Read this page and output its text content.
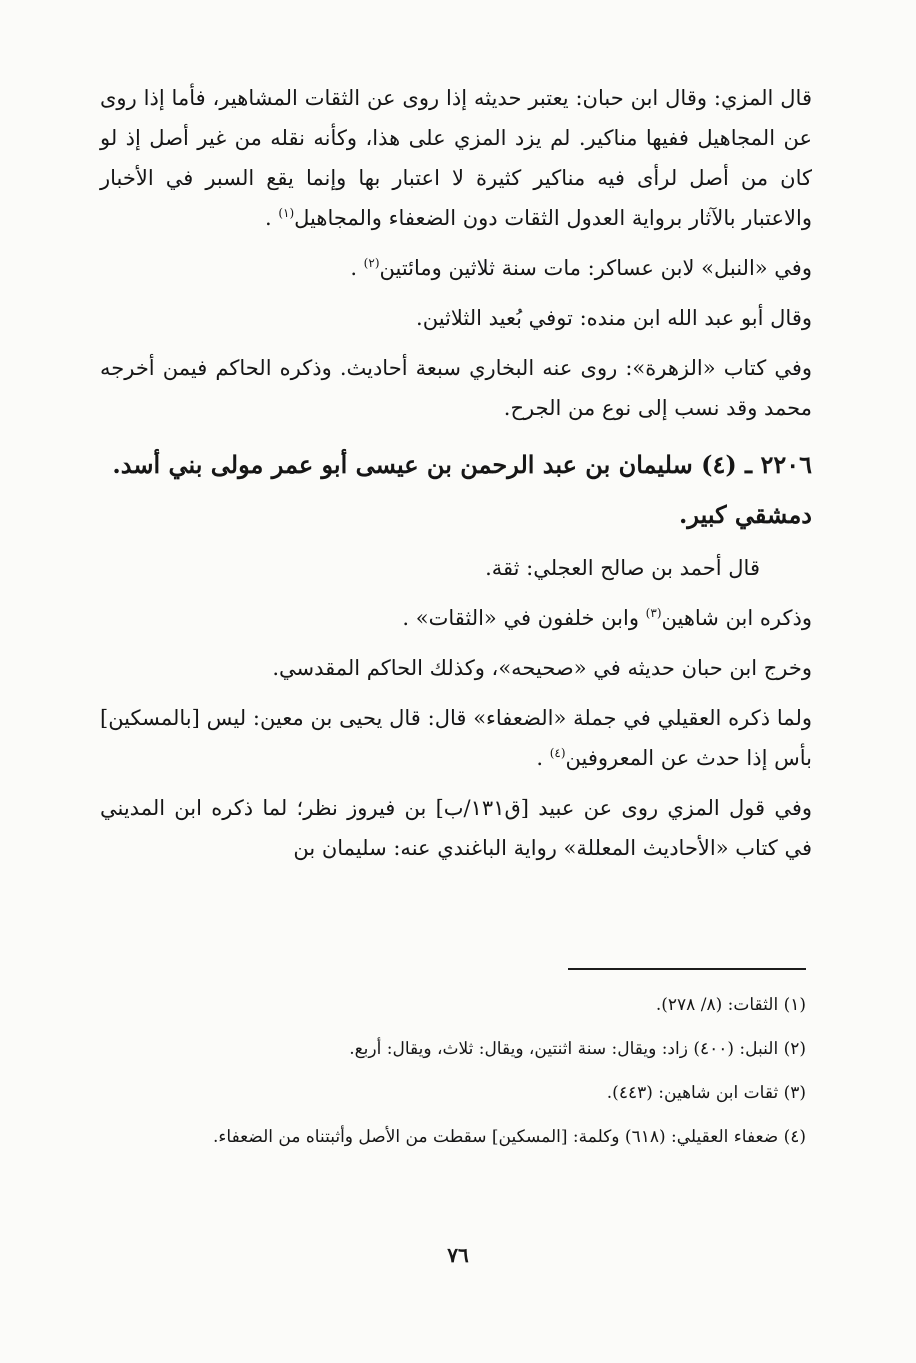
قال المزي: وقال ابن حبان: يعتبر حديثه إذا روى عن الثقات المشاهير، فأما إذا روى عن المجاهيل ففيها مناكير. لم يزد المزي على هذا، وكأنه نقله من غير أصل إذ لو كان من أصل لرأى فيه مناكير كثيرة لا اعتبار بها وإنما يقع السبر في الأخبار والاعتبار بالآثار برواية العدول الثقات دون الضعفاء والمجاهيل$^{(١)}$ .

وفي «النبل» لابن عساكر: مات سنة ثلاثين ومائتين$^{(٢)}$ .

وقال أبو عبد الله ابن منده: توفي بُعيد الثلاثين.

وفي كتاب «الزهرة»: روى عنه البخاري سبعة أحاديث. وذكره الحاكم فيمن أخرجه محمد وقد نسب إلى نوع من الجرح.

٢٢٠٦ ـ (٤) سليمان بن عبد الرحمن بن عيسى أبو عمر مولى بني أسد. دمشقي كبير.

قال أحمد بن صالح العجلي: ثقة.

وذكره ابن شاهين$^{(٣)}$ وابن خلفون في «الثقات» .

وخرج ابن حبان حديثه في «صحيحه»، وكذلك الحاكم المقدسي.

ولما ذكره العقيلي في جملة «الضعفاء» قال: قال يحيى بن معين: ليس [بالمسكين] بأس إذا حدث عن المعروفين$^{(٤)}$ .

وفي قول المزي روى عن عبيد [ق١٣١/ب] بن فيروز نظر؛ لما ذكره ابن المديني في كتاب «الأحاديث المعللة» رواية الباغندي عنه: سليمان بن

(١) الثقات: (٨/ ٢٧٨).

(٢) النبل: (٤٠٠) زاد: ويقال: سنة اثنتين، ويقال: ثلاث، ويقال: أربع.

(٣) ثقات ابن شاهين: (٤٤٣).

(٤) ضعفاء العقيلي: (٦١٨) وكلمة: [المسكين] سقطت من الأصل وأثبتناه من الضعفاء.

٧٦
